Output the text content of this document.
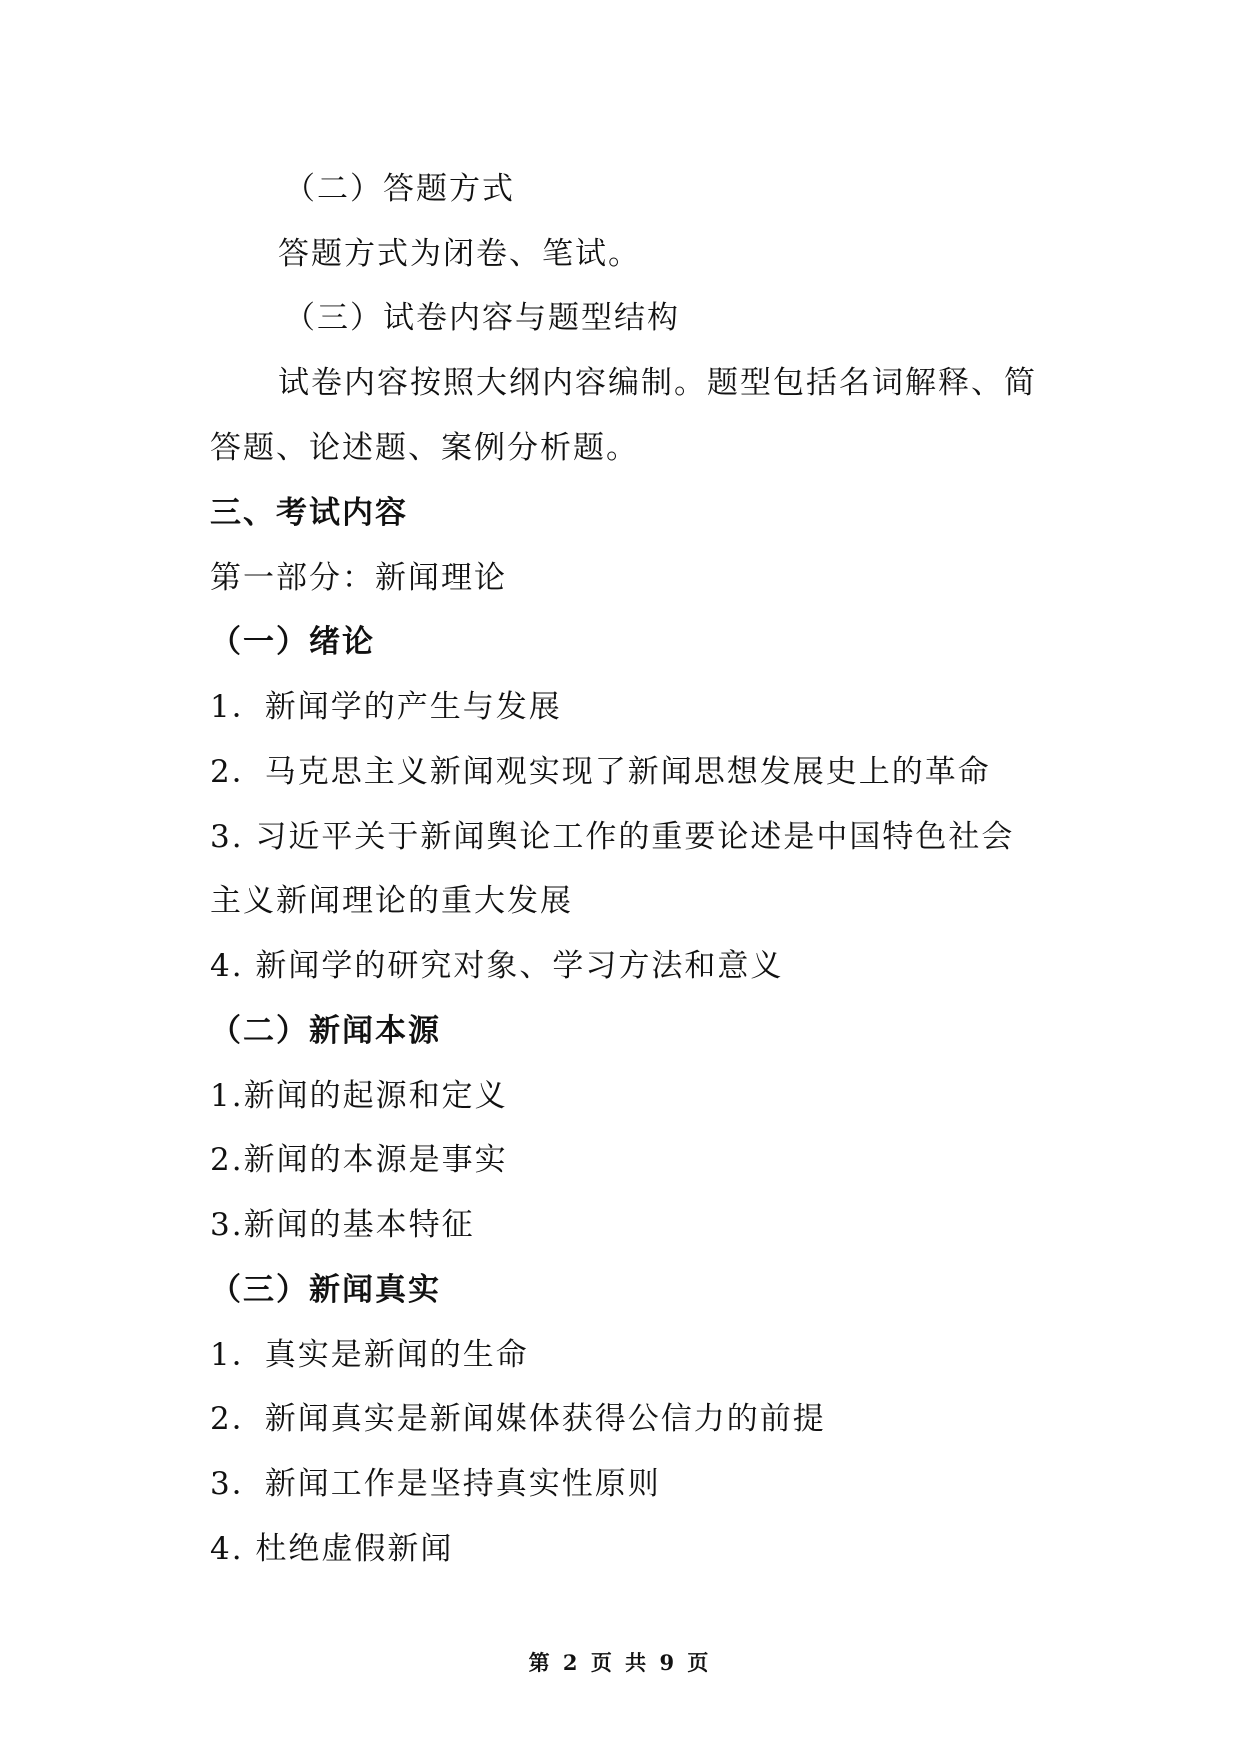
（二）答题方式
答题方式为闭卷、笔试。
（三）试卷内容与题型结构
试卷内容按照大纲内容编制。题型包括名词解释、简
答题、论述题、案例分析题。
三、考试内容
第一部分：新闻理论
（一）绪论
1．新闻学的产生与发展
2．马克思主义新闻观实现了新闻思想发展史上的革命
3. 习近平关于新闻舆论工作的重要论述是中国特色社会
主义新闻理论的重大发展
4. 新闻学的研究对象、学习方法和意义
（二）新闻本源
1.新闻的起源和定义
2.新闻的本源是事实
3.新闻的基本特征
（三）新闻真实
1．真实是新闻的生命
2．新闻真实是新闻媒体获得公信力的前提
3．新闻工作是坚持真实性原则
4. 杜绝虚假新闻
第 2 页 共 9 页
